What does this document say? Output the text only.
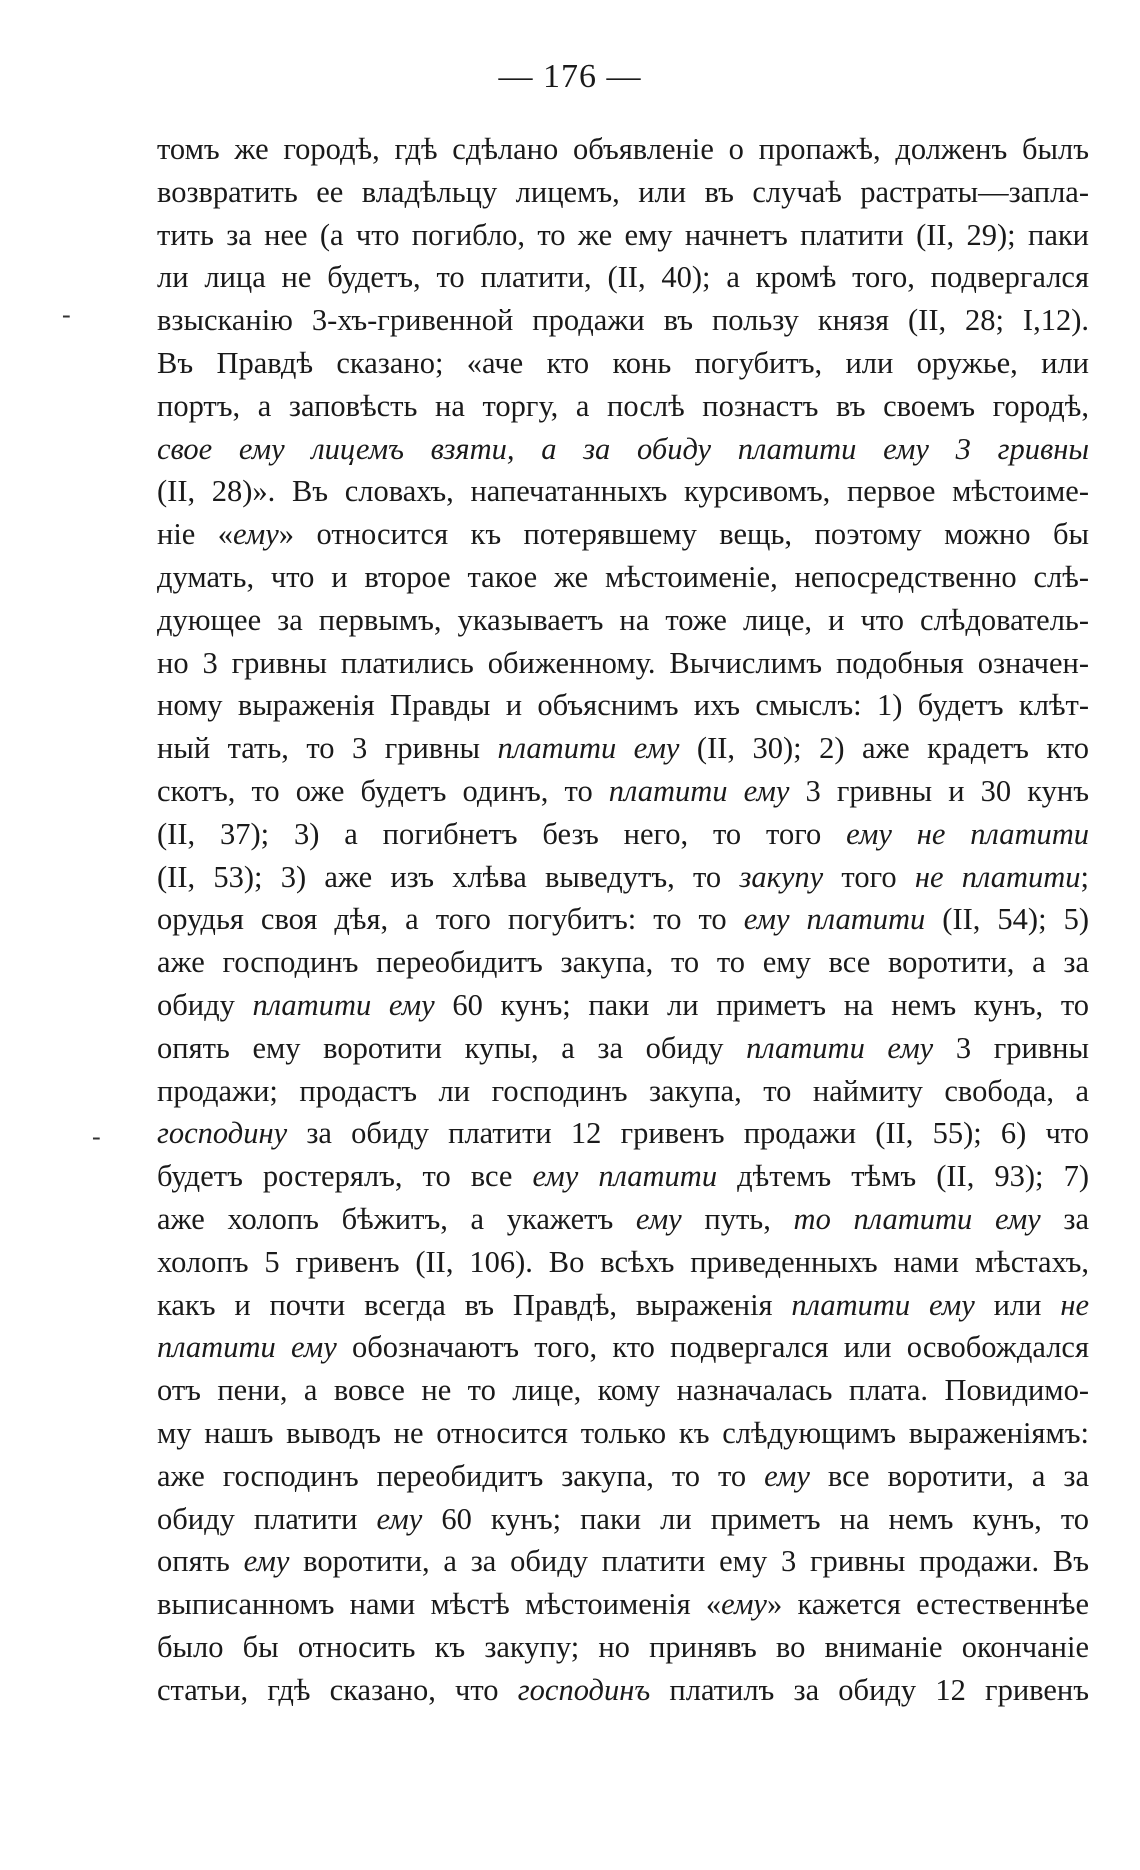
— 176 —
томъ же городѣ, гдѣ сдѣлано объявленіе о пропажѣ, долженъ былъ
возвратить ее владѣльцу лицемъ, или въ случаѣ растраты—запла-
тить за нее (а что погибло, то же ему начнетъ платити (II, 29); паки
ли лица не будетъ, то платити, (II, 40); а кромѣ того, подвергался
взысканію 3-хъ-гривенной продажи въ пользу князя (II, 28; I,12).
Въ Правдѣ сказано; «аче кто конь погубитъ, или оружье, или
портъ, а заповѣсть на торгу, а послѣ познастъ въ своемъ городѣ,
свое ему лицемъ взяти, а за обиду платити ему 3 гривны
(II, 28)». Въ словахъ, напечатанныхъ курсивомъ, первое мѣстоиме-
ніе «ему» относится къ потерявшему вещь, поэтому можно бы
думать, что и второе такое же мѣстоименіе, непосредственно слѣ-
дующее за первымъ, указываетъ на тоже лице, и что слѣдователь-
но 3 гривны платились обиженному. Вычислимъ подобныя означен-
ному выраженія Правды и объяснимъ ихъ смыслъ: 1) будетъ клѣт-
ный тать, то 3 гривны платити ему (II, 30); 2) аже крадетъ кто
скотъ, то оже будетъ одинъ, то платити ему 3 гривны и 30 кунъ
(II, 37); 3) а погибнетъ безъ него, то того ему не платити
(II, 53); 3) аже изъ хлѣва выведутъ, то закупу того не платити;
орудья своя дѣя, а того погубитъ: то то ему платити (II, 54); 5)
аже господинъ переобидитъ закупа, то то ему все воротити, а за
обиду платити ему 60 кунъ; паки ли приметъ на немъ кунъ, то
опять ему воротити купы, а за обиду платити ему 3 гривны
продажи; продастъ ли господинъ закупа, то наймиту свобода, а
господину за обиду платити 12 гривенъ продажи (II, 55); 6) что
будетъ ростерялъ, то все ему платити дѣтемъ тѣмъ (II, 93); 7)
аже холопъ бѣжитъ, а укажетъ ему путь, то платити ему за
холопъ 5 гривенъ (II, 106). Во всѣхъ приведенныхъ нами мѣстахъ,
какъ и почти всегда въ Правдѣ, выраженія платити ему или не
платити ему обозначаютъ того, кто подвергался или освобождался
отъ пени, а вовсе не то лице, кому назначалась плата. Повидимо-
му нашъ выводъ не относится только къ слѣдующимъ выраженіямъ:
аже господинъ переобидитъ закупа, то то ему все воротити, а за
обиду платити ему 60 кунъ; паки ли приметъ на немъ кунъ, то
опять ему воротити, а за обиду платити ему 3 гривны продажи. Въ
выписанномъ нами мѣстѣ мѣстоименія «ему» кажется естественнѣе
было бы относить къ закупу; но принявъ во вниманіе окончаніе
статьи, гдѣ сказано, что господинъ платилъ за обиду 12 гривенъ
-
-
